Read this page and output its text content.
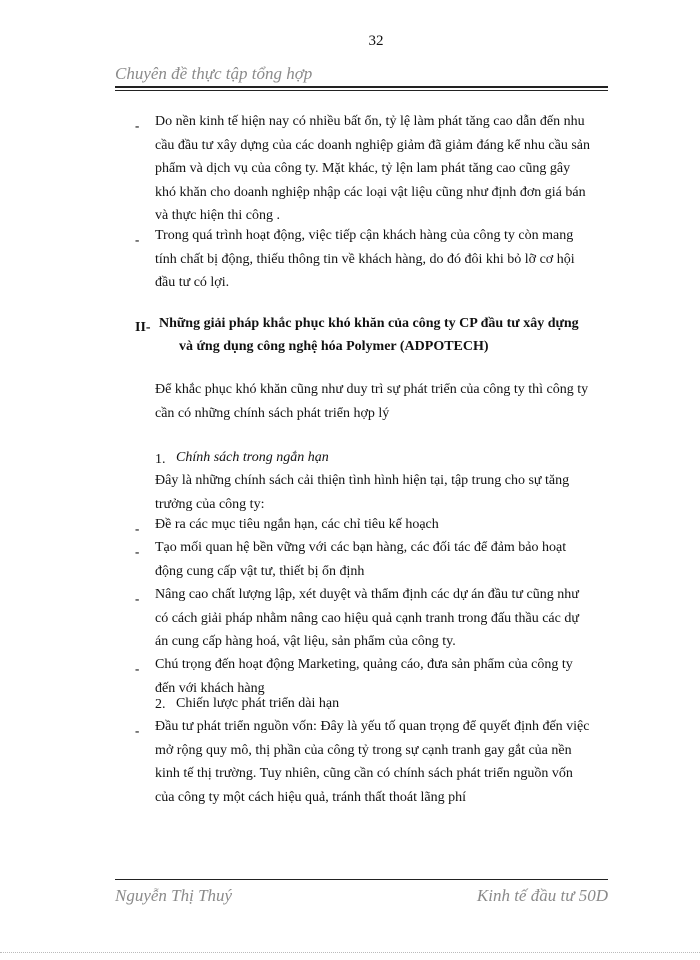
32
Chuyên đề thực tập tổng hợp
- Do nền kinh tế hiện nay có nhiều bất ổn, tỷ lệ làm phát tăng cao dẫn đến nhu
cầu đầu tư xây dựng của các doanh nghiệp giảm đã giảm đáng kể nhu cầu sản
phẩm và dịch vụ của công ty. Mặt khác, tỷ lện lam phát tăng cao cũng gây
khó khăn cho doanh nghiệp nhập các loại vật liệu cũng như định đơn giá bán
và thực hiện thi công .
- Trong quá trình hoạt động, việc tiếp cận khách hàng của công ty còn mang
tính chất bị động, thiếu thông tin về khách hàng, do đó đôi khi bỏ lỡ cơ hội
đầu tư có lợi.
II- Những giải pháp khắc phục khó khăn của công ty CP đầu tư xây dựng
và ứng dụng công nghệ hóa Polymer (ADPOTECH)
Để khắc phục khó khăn cũng như duy trì sự phát triển của công ty thì công ty
cần có những chính sách phát triển hợp lý
1. Chính sách trong ngắn hạn
Đây là những chính sách cải thiện tình hình hiện tại, tập trung cho sự tăng
trưởng của công ty:
- Đề ra các mục tiêu ngắn hạn, các chỉ tiêu kế hoạch
- Tạo mối quan hệ bền vững với các bạn hàng, các đối tác để đảm bảo hoạt
động cung cấp vật tư, thiết bị ổn định
- Nâng cao chất lượng lập, xét duyệt và thẩm định các dự án đầu tư cũng như
có cách giải pháp nhằm nâng cao hiệu quả cạnh tranh trong đấu thầu các dự
án cung cấp hàng hoá, vật liệu, sản phẩm của công ty.
- Chú trọng đến hoạt động Marketing, quảng cáo, đưa sản phẩm của công ty
đến với khách hàng
2. Chiến lược phát triển dài hạn
- Đầu tư phát triển nguồn vốn: Đây là yếu tố quan trọng để quyết định đến việc
mở rộng quy mô, thị phần của công tỷ trong sự cạnh tranh gay gắt của nền
kinh tế thị trường. Tuy nhiên, cũng cần có chính sách phát triển nguồn vốn
của công ty một cách hiệu quả, tránh thất thoát lãng phí
Nguyễn Thị Thuý	Kinh tế đầu tư 50D
